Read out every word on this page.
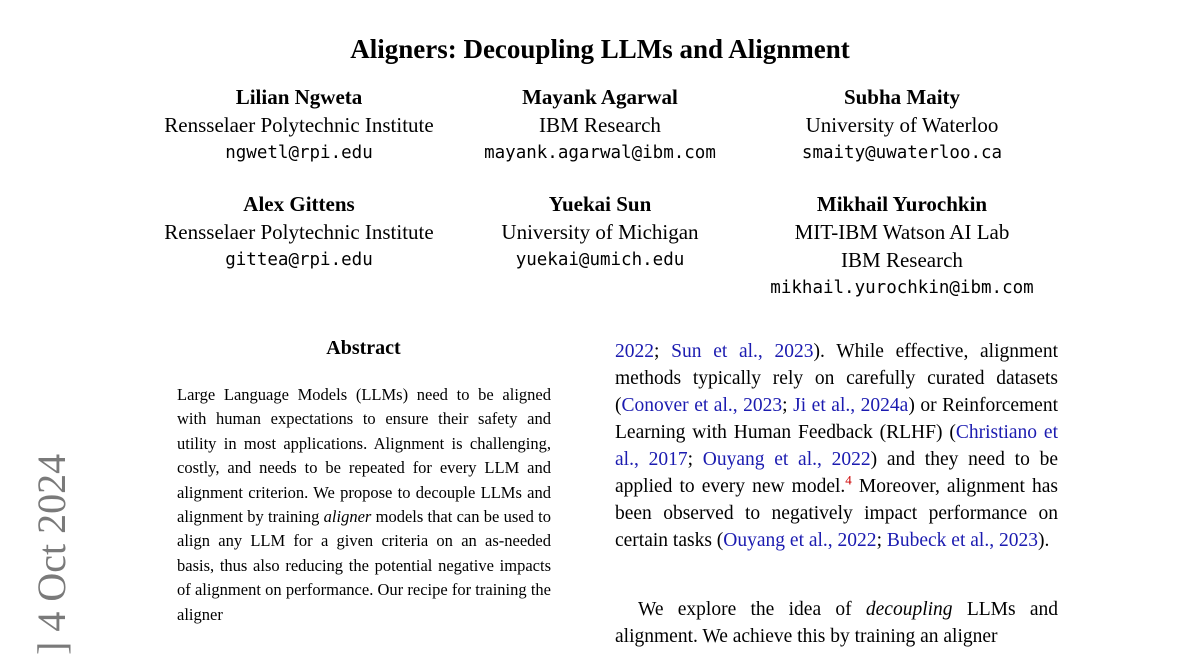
Aligners: Decoupling LLMs and Alignment
Lilian Ngweta
Rensselaer Polytechnic Institute
ngwetl@rpi.edu
Mayank Agarwal
IBM Research
mayank.agarwal@ibm.com
Subha Maity
University of Waterloo
smaity@uwaterloo.ca
Alex Gittens
Rensselaer Polytechnic Institute
gittea@rpi.edu
Yuekai Sun
University of Michigan
yuekai@umich.edu
Mikhail Yurochkin
MIT-IBM Watson AI Lab
IBM Research
mikhail.yurochkin@ibm.com
] 4 Oct 2024
Abstract
Large Language Models (LLMs) need to be aligned with human expectations to ensure their safety and utility in most applications. Alignment is challenging, costly, and needs to be repeated for every LLM and alignment criterion. We propose to decouple LLMs and alignment by training aligner models that can be used to align any LLM for a given criteria on an as-needed basis, thus also reducing the potential negative impacts of alignment on performance. Our recipe for training the aligner
2022; Sun et al., 2023). While effective, alignment methods typically rely on carefully curated datasets (Conover et al., 2023; Ji et al., 2024a) or Reinforcement Learning with Human Feedback (RLHF) (Christiano et al., 2017; Ouyang et al., 2022) and they need to be applied to every new model.$^4$ Moreover, alignment has been observed to negatively impact performance on certain tasks (Ouyang et al., 2022; Bubeck et al., 2023).
We explore the idea of decoupling LLMs and alignment. We achieve this by training an aligner
